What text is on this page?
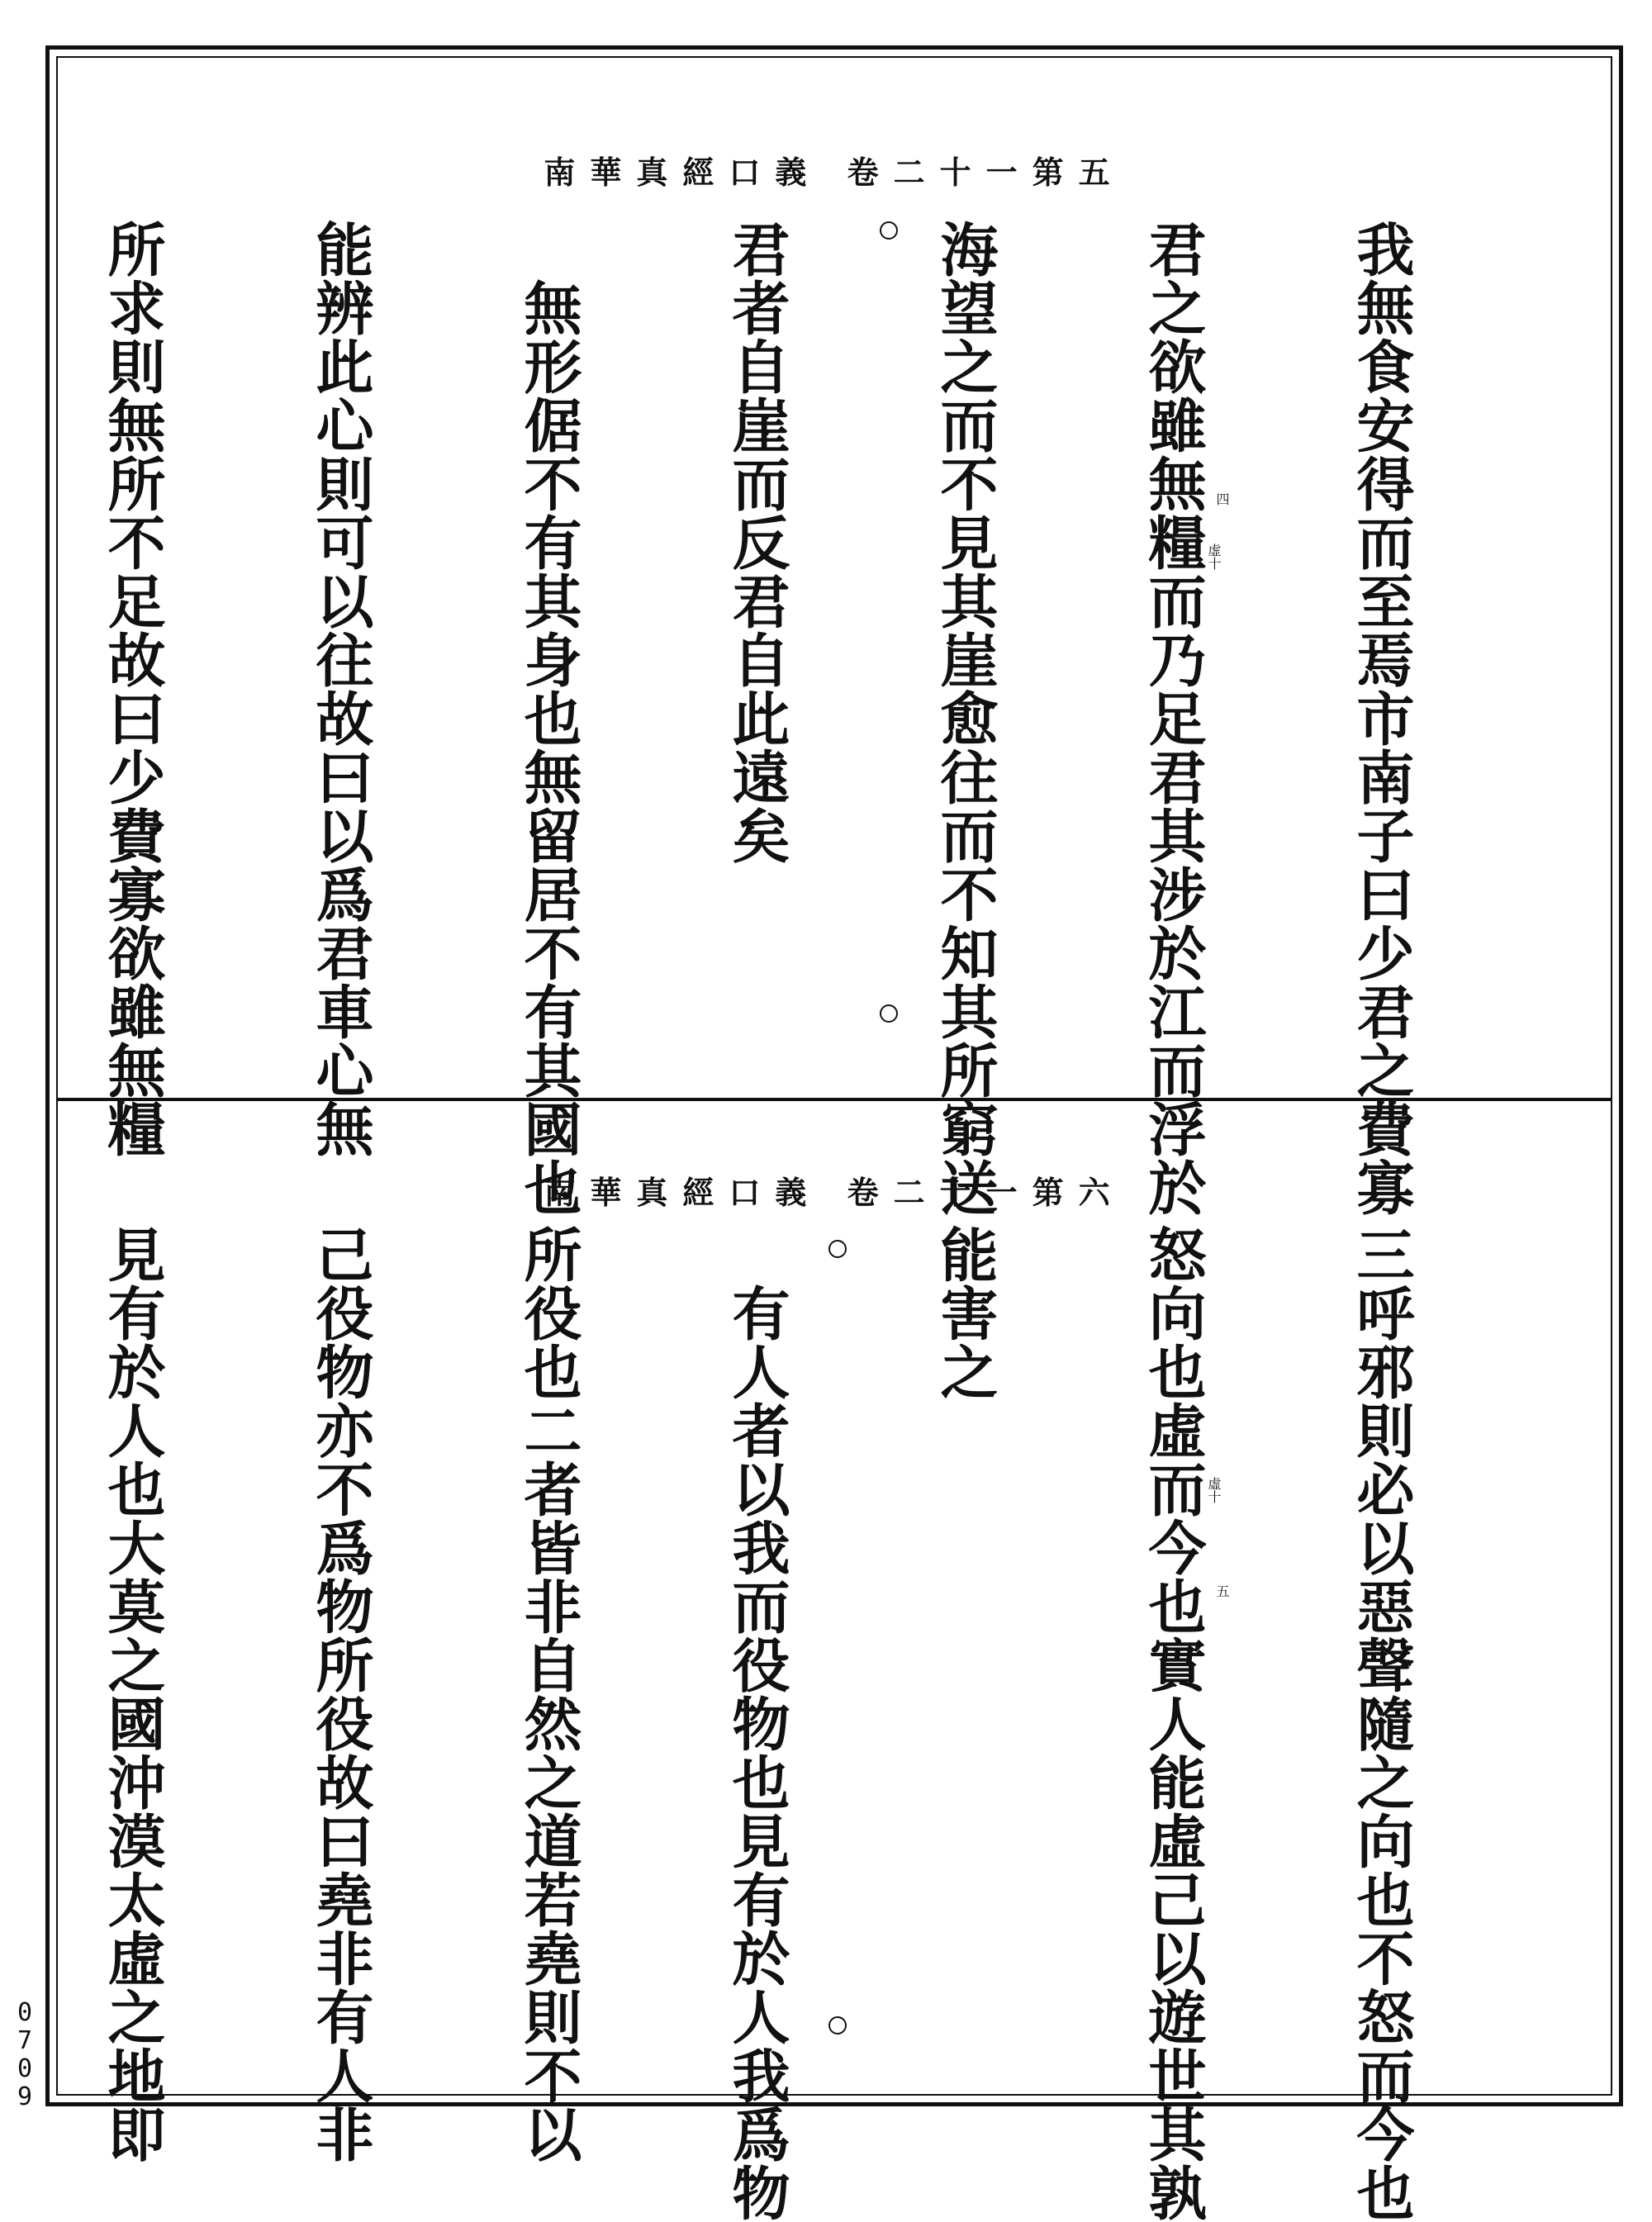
南華真經口義 卷二十一第五
四
虚十

我無食安得而至焉市南子曰少君之費寡

君之欲雖無糧而乃足君其涉於江而浮於

海望之而不見其崖愈往而不知其所窮送

君者自崖而反君自此遠矣

　無形倨不有其身也無留居不有其國也

能辨此心則可以往故曰以爲君車心無

所求則無所不足故曰少費寡欲雖無糧

南華真經口義 卷二十一第六
五
虛十

三呼邪則必以惡聲隨之向也不怒而今也

怒向也虛而今也實人能虛己以遊世其孰

能害之

　有人者以我而役物也見有於人我爲物

所役也二者皆非自然之道若堯則不以

己役物亦不爲物所役故曰堯非有人非

見有於人也大莫之國沖漠太虛之地即

0709
